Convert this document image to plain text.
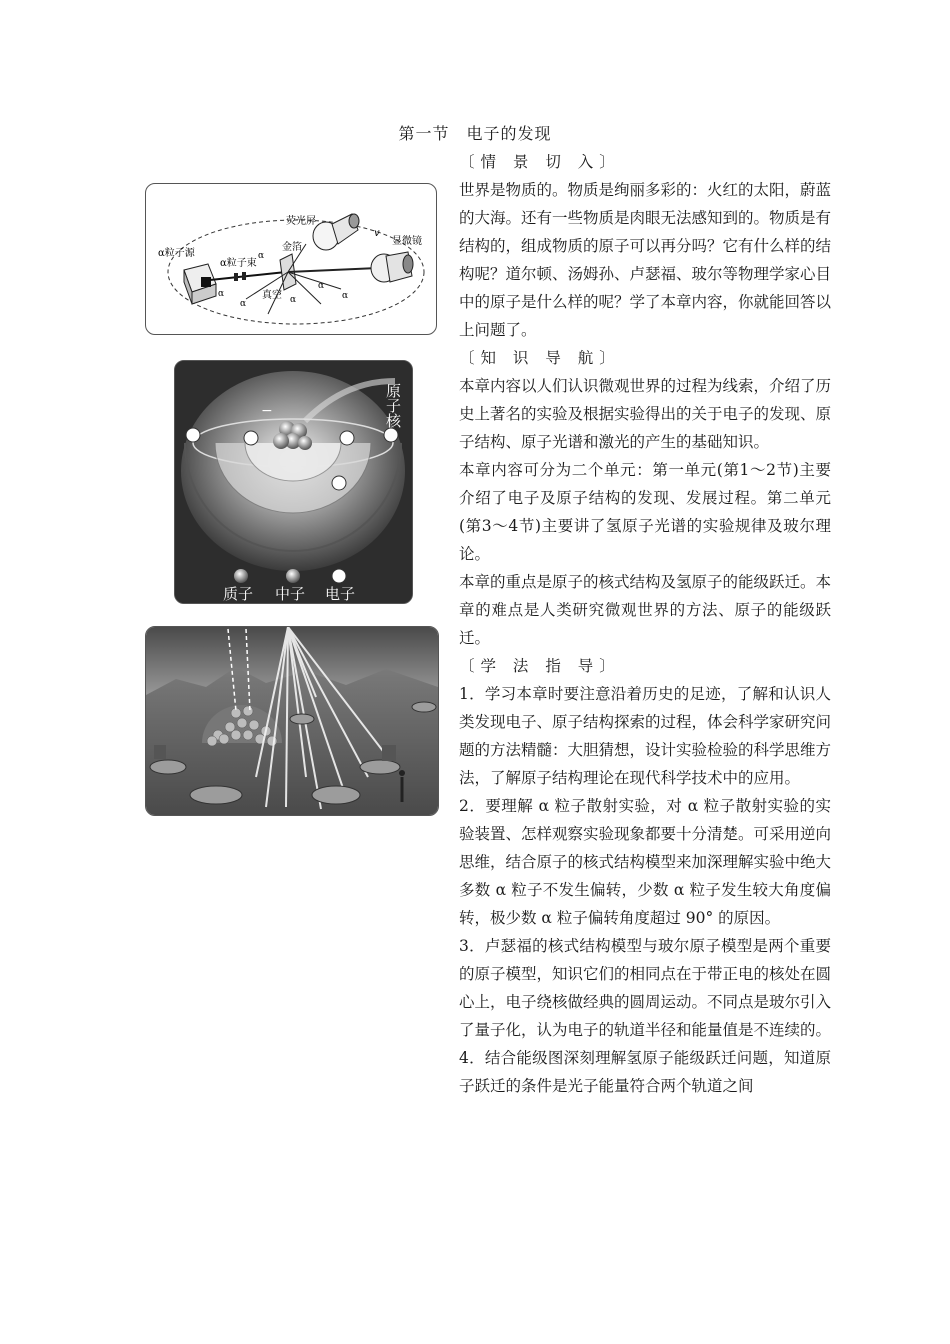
第一节　电子的发现
α粒子源
α粒子束
荧光屏
金箔
真空
显微镜
v
α
α
α	α
α
α
−	原子核
质子 中子 电子

〔情 景 切 入〕

世界是物质的。物质是绚丽多彩的：火红的太阳，蔚蓝的大海。还有一些物质是肉眼无法感知到的。物质是有结构的，组成物质的原子可以再分吗？它有什么样的结构呢？道尔顿、汤姆孙、卢瑟福、玻尔等物理学家心目中的原子是什么样的呢？学了本章内容，你就能回答以上问题了。

〔知 识 导 航〕

本章内容以人们认识微观世界的过程为线索，介绍了历史上著名的实验及根据实验得出的关于电子的发现、原子结构、原子光谱和激光的产生的基础知识。

本章内容可分为二个单元：第一单元(第1～2节)主要介绍了电子及原子结构的发现、发展过程。第二单元(第3～4节)主要讲了氢原子光谱的实验规律及玻尔理论。

本章的重点是原子的核式结构及氢原子的能级跃迁。本章的难点是人类研究微观世界的方法、原子的能级跃迁。

〔学 法 指 导〕

1．学习本章时要注意沿着历史的足迹，了解和认识人类发现电子、原子结构探索的过程，体会科学家研究问题的方法精髓：大胆猜想，设计实验检验的科学思维方法，了解原子结构理论在现代科学技术中的应用。

2．要理解 α 粒子散射实验，对 α 粒子散射实验的实验装置、怎样观察实验现象都要十分清楚。可采用逆向思维，结合原子的核式结构模型来加深理解实验中绝大多数 α 粒子不发生偏转，少数 α 粒子发生较大角度偏转，极少数 α 粒子偏转角度超过 90° 的原因。

3．卢瑟福的核式结构模型与玻尔原子模型是两个重要的原子模型，知识它们的相同点在于带正电的核处在圆心上，电子绕核做经典的圆周运动。不同点是玻尔引入了量子化，认为电子的轨道半径和能量值是不连续的。

4．结合能级图深刻理解氢原子能级跃迁问题，知道原子跃迁的条件是光子能量符合两个轨道之间
